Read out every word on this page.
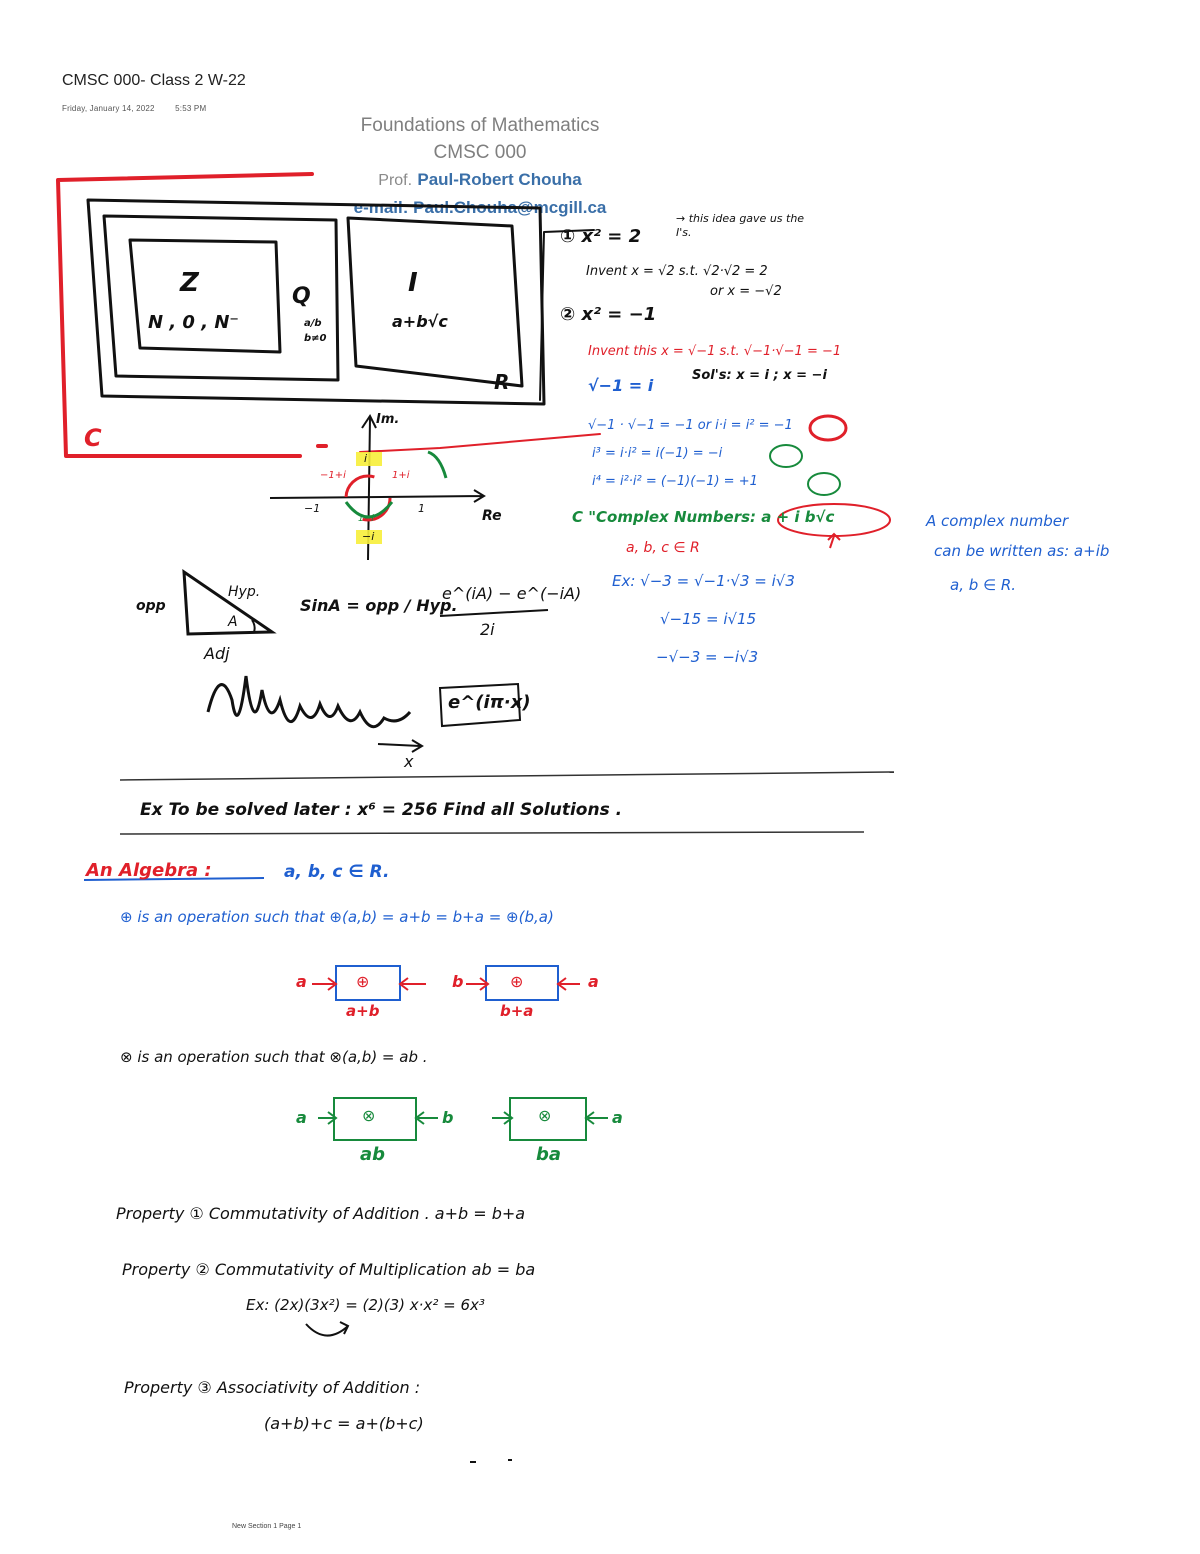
CMSC 000- Class 2 W-22
Friday, January 14, 2022	5:53 PM
Foundations of Mathematics
CMSC 000
Prof. Paul-Robert Chouha
e-mail: Paul.Chouha@mcgill.ca
Z
N , 0 , N⁻
Q
a/b b≠0
I
a+b√c
R
C
Im.
Re
i
−i
−1	1
−1+i	1+i
1−i
① x² = 2
→ this idea gave us the I's.
Invent x = √2 s.t. √2·√2 = 2
or x = −√2
② x² = −1
Invent this x = √−1 s.t. √−1·√−1 = −1
√−1 = i
Sol's: x = i ; x = −i
√−1 · √−1 = −1 or i·i = i² = −1
i³ = i·i² = i(−1) = −i
i⁴ = i²·i² = (−1)(−1) = +1
C "Complex Numbers: a + i b√c
a, b, c ∈ R
Ex: √−3 = √−1·√3 = i√3
√−15 = i√15
−√−3 = −i√3
A complex number
can be written as: a+ib
a, b ∈ R.
opp
Hyp.
A
Adj
SinA = opp / Hyp.
e^(iA) − e^(−iA)
2i
e^(iπ·x)
x
Ex To be solved later : x⁶ = 256 Find all Solutions .
An Algebra :	a, b, c ∈ R.
⊕ is an operation such that ⊕(a,b) = a+b = b+a = ⊕(b,a)
a	⊕	b	⊕	a
a+b	b+a
⊗ is an operation such that ⊗(a,b) = ab .
a	⊗	b	⊗	a
ab	ba
Property ① Commutativity of Addition . a+b = b+a
Property ② Commutativity of Multiplication ab = ba
Ex: (2x)(3x²) = (2)(3) x·x² = 6x³
Property ③ Associativity of Addition :
(a+b)+c = a+(b+c)
New Section 1 Page 1
